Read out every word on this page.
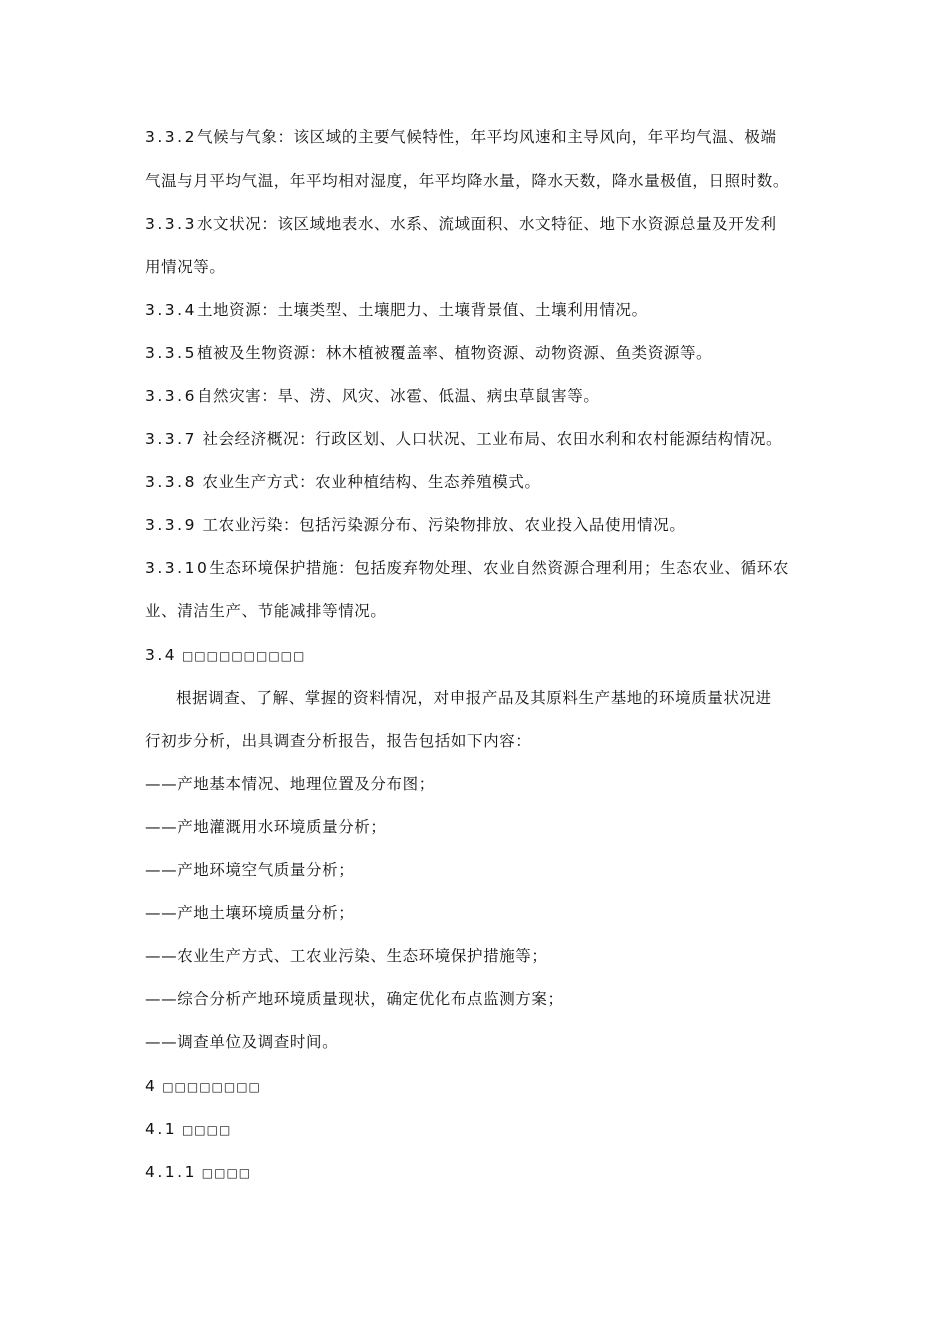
3.3.2气候与气象：该区域的主要气候特性，年平均风速和主导风向，年平均气温、极端
气温与月平均气温，年平均相对湿度，年平均降水量，降水天数，降水量极值，日照时数。
3.3.3水文状况：该区域地表水、水系、流域面积、水文特征、地下水资源总量及开发利
用情况等。
3.3.4土地资源：土壤类型、土壤肥力、土壤背景值、土壤利用情况。
3.3.5植被及生物资源：林木植被覆盖率、植物资源、动物资源、鱼类资源等。
3.3.6自然灾害：旱、涝、风灾、冰雹、低温、病虫草鼠害等。
3.3.7 社会经济概况：行政区划、人口状况、工业布局、农田水利和农村能源结构情况。
3.3.8 农业生产方式：农业种植结构、生态养殖模式。
3.3.9 工农业污染：包括污染源分布、污染物排放、农业投入品使用情况。
3.3.10生态环境保护措施：包括废弃物处理、农业自然资源合理利用；生态农业、循环农
业、清洁生产、节能减排等情况。
3.4 □□□□□□□□□□
根据调查、了解、掌握的资料情况，对申报产品及其原料生产基地的环境质量状况进
行初步分析，出具调查分析报告，报告包括如下内容：
——产地基本情况、地理位置及分布图；
——产地灌溉用水环境质量分析；
——产地环境空气质量分析；
——产地土壤环境质量分析；
——农业生产方式、工农业污染、生态环境保护措施等；
——综合分析产地环境质量现状，确定优化布点监测方案；
——调查单位及调查时间。
4 □□□□□□□□
4.1 □□□□
4.1.1 □□□□
